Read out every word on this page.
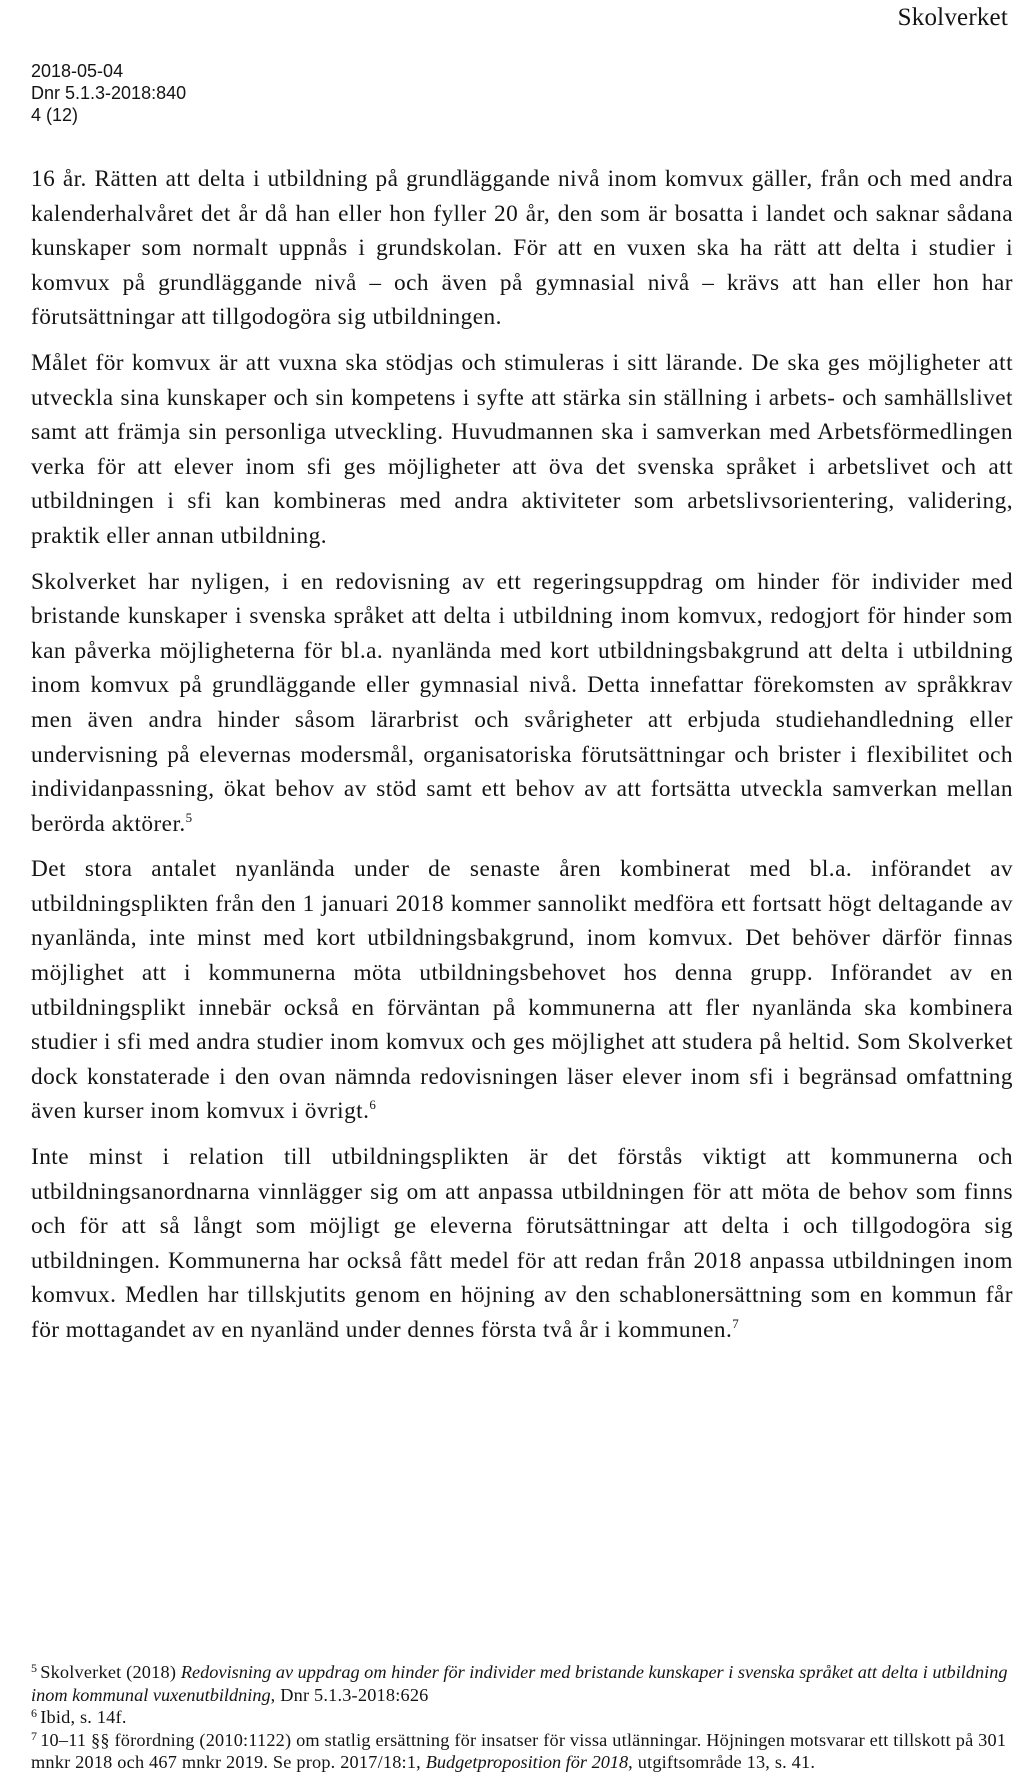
Skolverket
2018-05-04
Dnr 5.1.3-2018:840
4 (12)

16 år. Rätten att delta i utbildning på grundläggande nivå inom komvux gäller, från och med andra kalenderhalvåret det år då han eller hon fyller 20 år, den som är bosatta i landet och saknar sådana kunskaper som normalt uppnås i grundskolan. För att en vuxen ska ha rätt att delta i studier i komvux på grundläggande nivå – och även på gymnasial nivå – krävs att han eller hon har förutsättningar att tillgodogöra sig utbildningen.

Målet för komvux är att vuxna ska stödjas och stimuleras i sitt lärande. De ska ges möjligheter att utveckla sina kunskaper och sin kompetens i syfte att stärka sin ställning i arbets- och samhällslivet samt att främja sin personliga utveckling. Huvudmannen ska i samverkan med Arbetsförmedlingen verka för att elever inom sfi ges möjligheter att öva det svenska språket i arbetslivet och att utbildningen i sfi kan kombineras med andra aktiviteter som arbetslivsorientering, validering, praktik eller annan utbildning.

Skolverket har nyligen, i en redovisning av ett regeringsuppdrag om hinder för individer med bristande kunskaper i svenska språket att delta i utbildning inom komvux, redogjort för hinder som kan påverka möjligheterna för bl.a. nyanlända med kort utbildningsbakgrund att delta i utbildning inom komvux på grundläggande eller gymnasial nivå. Detta innefattar förekomsten av språkkrav men även andra hinder såsom lärarbrist och svårigheter att erbjuda studiehandledning eller undervisning på elevernas modersmål, organisatoriska förutsättningar och brister i flexibilitet och individanpassning, ökat behov av stöd samt ett behov av att fortsätta utveckla samverkan mellan berörda aktörer.$^5$

Det stora antalet nyanlända under de senaste åren kombinerat med bl.a. införandet av utbildningsplikten från den 1 januari 2018 kommer sannolikt medföra ett fortsatt högt deltagande av nyanlända, inte minst med kort utbildningsbakgrund, inom komvux. Det behöver därför finnas möjlighet att i kommunerna möta utbildningsbehovet hos denna grupp. Införandet av en utbildningsplikt innebär också en förväntan på kommunerna att fler nyanlända ska kombinera studier i sfi med andra studier inom komvux och ges möjlighet att studera på heltid. Som Skolverket dock konstaterade i den ovan nämnda redovisningen läser elever inom sfi i begränsad omfattning även kurser inom komvux i övrigt.$^6$

Inte minst i relation till utbildningsplikten är det förstås viktigt att kommunerna och utbildningsanordnarna vinnlägger sig om att anpassa utbildningen för att möta de behov som finns och för att så långt som möjligt ge eleverna förutsättningar att delta i och tillgodogöra sig utbildningen. Kommunerna har också fått medel för att redan från 2018 anpassa utbildningen inom komvux. Medlen har tillskjutits genom en höjning av den schablonersättning som en kommun får för mottagandet av en nyanländ under dennes första två år i kommunen.$^7$

$^5$ Skolverket (2018) Redovisning av uppdrag om hinder för individer med bristande kunskaper i svenska språket att delta i utbildning inom kommunal vuxenutbildning, Dnr 5.1.3-2018:626

$^6$ Ibid, s. 14f.

$^7$ 10–11 §§ förordning (2010:1122) om statlig ersättning för insatser för vissa utlänningar. Höjningen motsvarar ett tillskott på 301 mnkr 2018 och 467 mnkr 2019. Se prop. 2017/18:1, Budgetproposition för 2018, utgiftsområde 13, s. 41.
